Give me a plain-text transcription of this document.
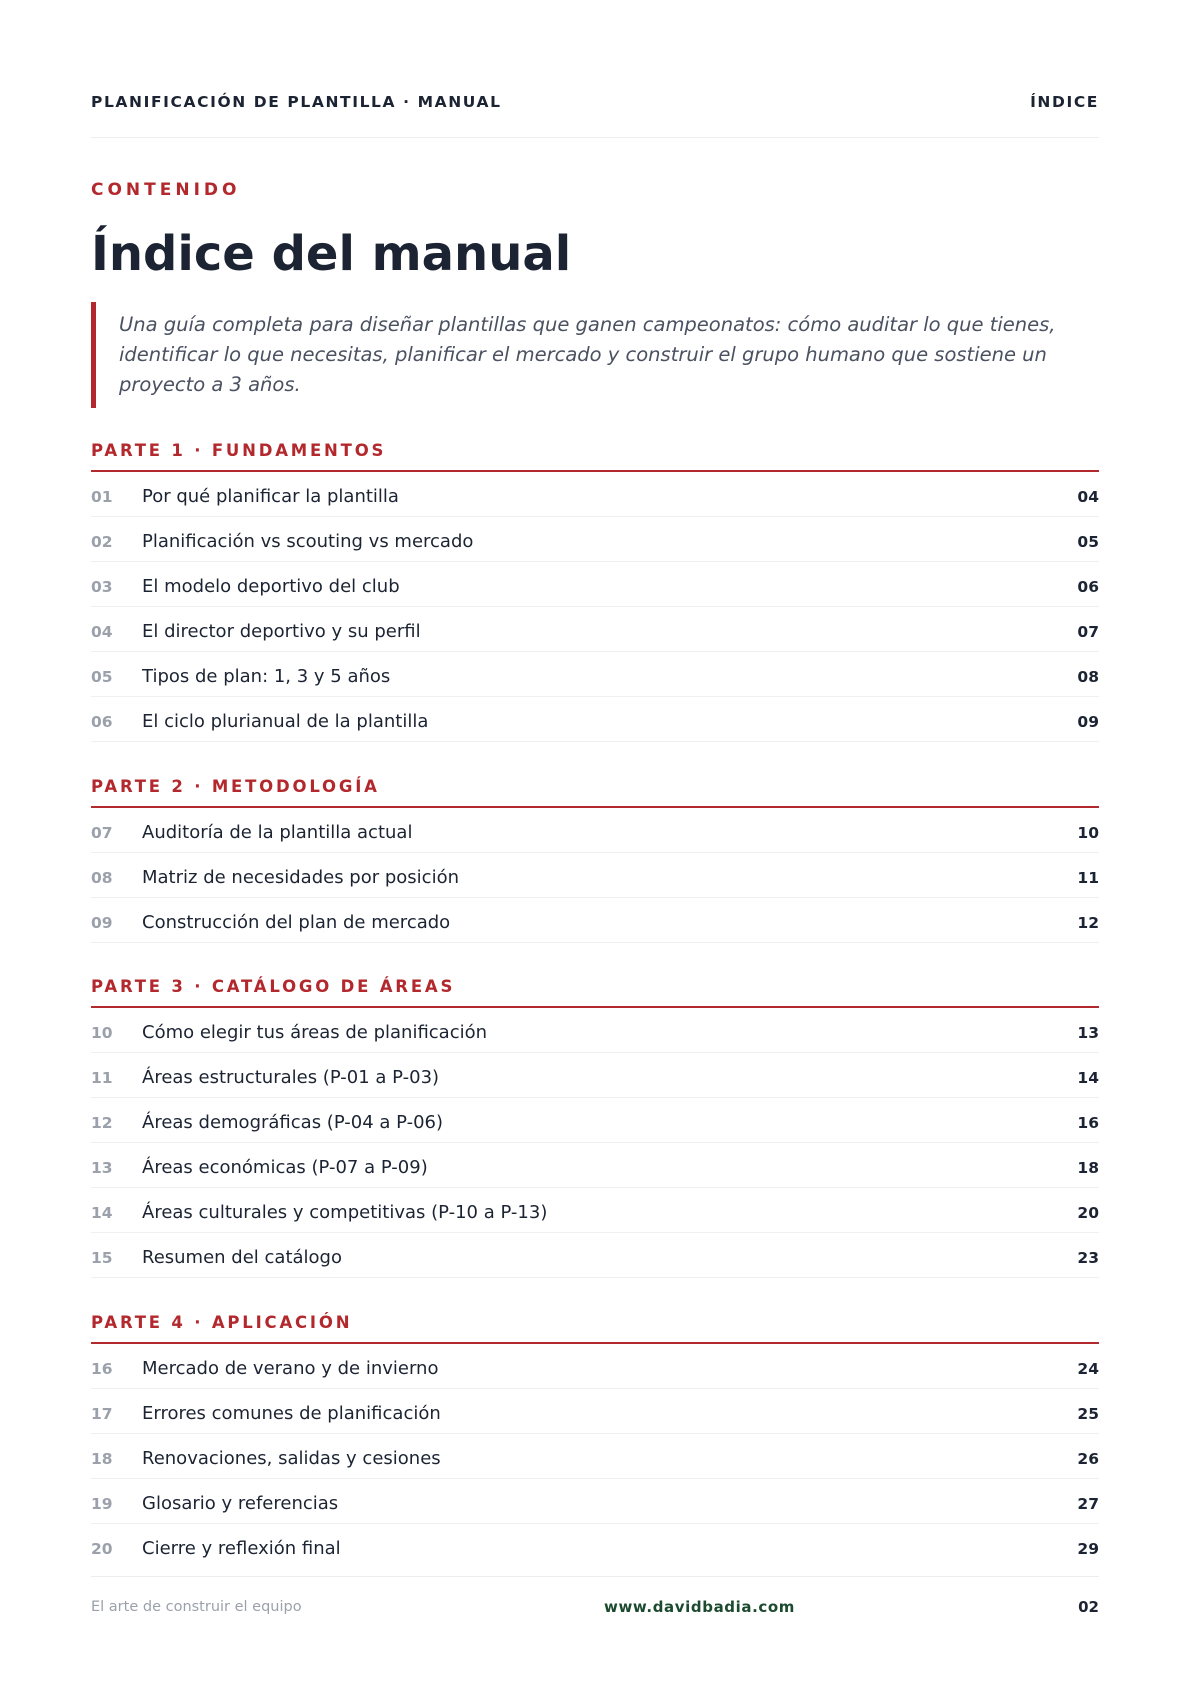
PLANIFICACIÓN DE PLANTILLA · MANUAL	ÍNDICE
CONTENIDO
Índice del manual

Una guía completa para diseñar plantillas que ganen campeonatos: cómo auditar lo que tienes, identificar lo que necesitas, planificar el mercado y construir el grupo humano que sostiene un proyecto a 3 años.

PARTE 1 · FUNDAMENTOS
01 Por qué planificar la plantilla	04
02 Planificación vs scouting vs mercado	05
03 El modelo deportivo del club	06
04 El director deportivo y su perfil	07
05 Tipos de plan: 1, 3 y 5 años	08
06 El ciclo plurianual de la plantilla	09
PARTE 2 · METODOLOGÍA
07 Auditoría de la plantilla actual	10
08 Matriz de necesidades por posición	11
09 Construcción del plan de mercado	12
PARTE 3 · CATÁLOGO DE ÁREAS
10 Cómo elegir tus áreas de planificación	13
11 Áreas estructurales (P-01 a P-03)	14
12 Áreas demográficas (P-04 a P-06)	16
13 Áreas económicas (P-07 a P-09)	18
14 Áreas culturales y competitivas (P-10 a P-13)	20
15 Resumen del catálogo	23
PARTE 4 · APLICACIÓN
16 Mercado de verano y de invierno	24
17 Errores comunes de planificación	25
18 Renovaciones, salidas y cesiones	26
19 Glosario y referencias	27
20 Cierre y reflexión final	29
El arte de construir el equipo	www.davidbadia.com	02
